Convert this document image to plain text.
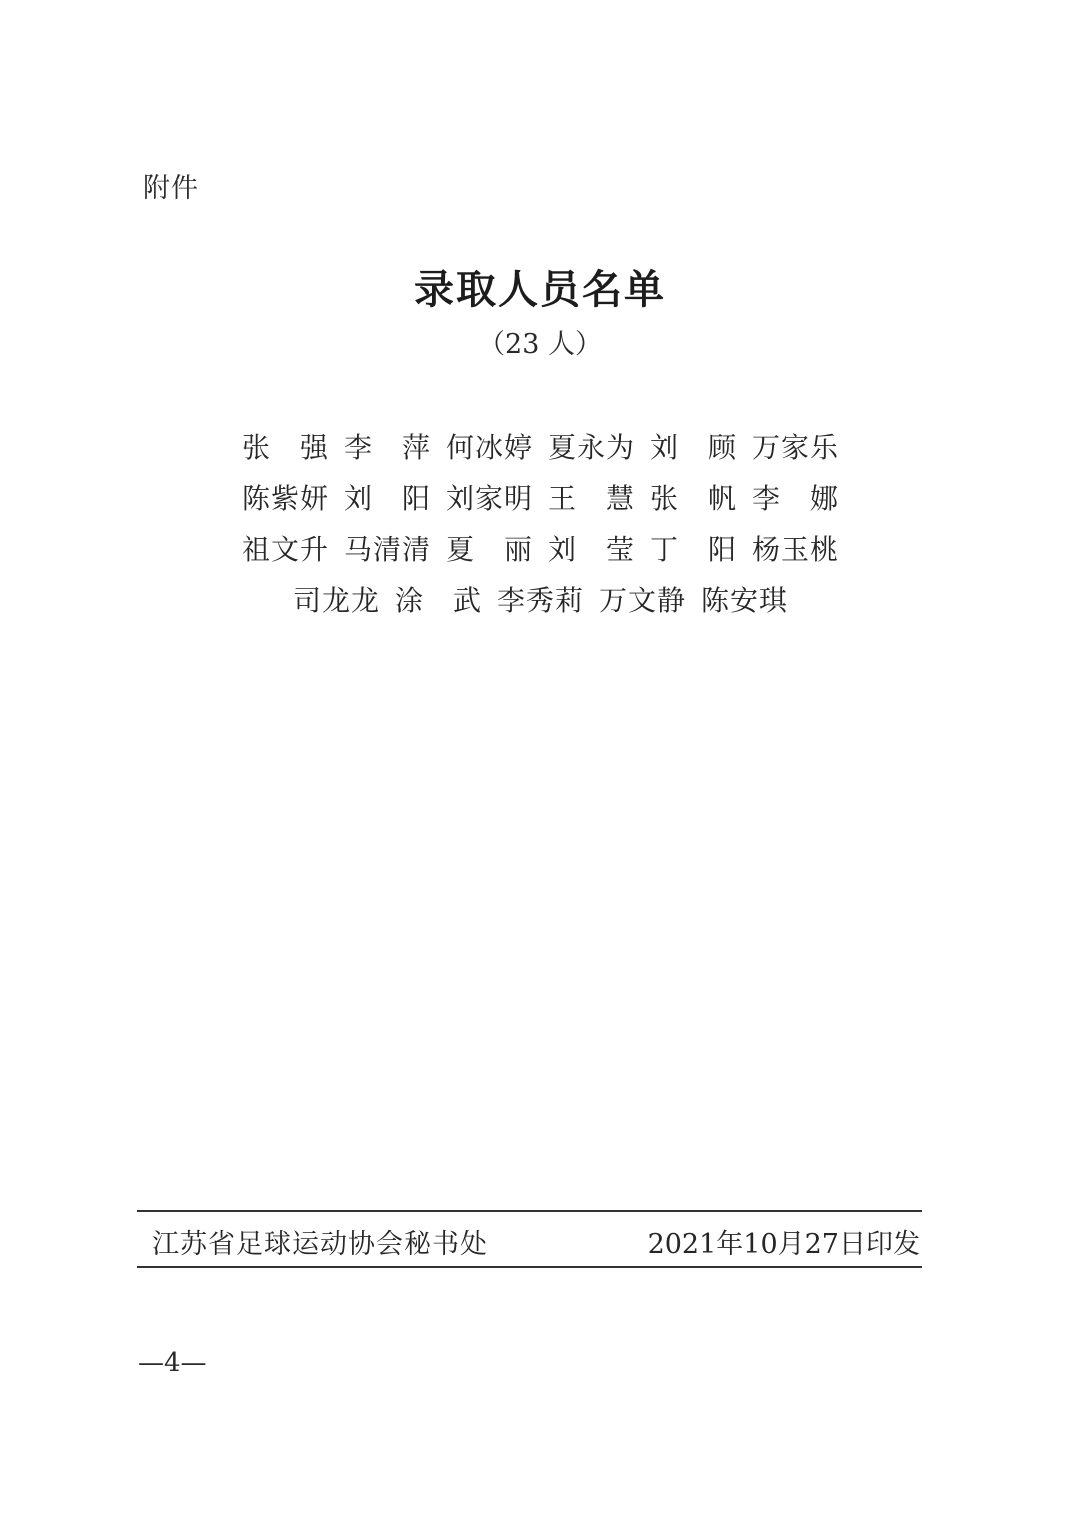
附件
录取人员名单
（23 人）
张　强 李　萍 何冰婷 夏永为 刘　顾 万家乐
陈紫妍 刘　阳 刘家明 王　慧 张　帆 李　娜
祖文升 马清清 夏　丽 刘　莹 丁　阳 杨玉桃
司龙龙 涂　武 李秀莉 万文静 陈安琪
江苏省足球运动协会秘书处	2021年10月27日印发
—4—
